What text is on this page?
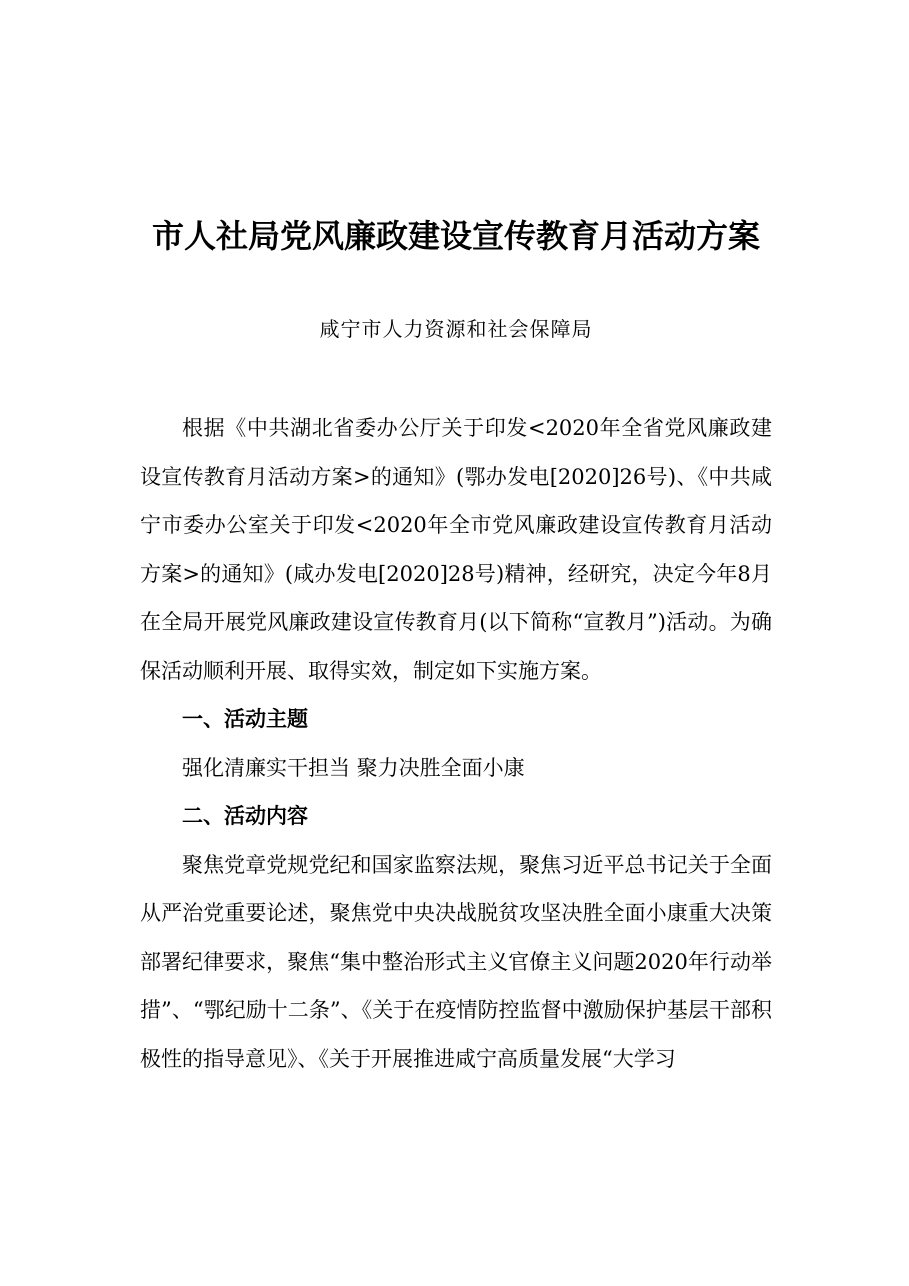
市人社局党风廉政建设宣传教育月活动方案

咸宁市人力资源和社会保障局

根据《中共湖北省委办公厅关于印发<2020年全省党风廉政建设宣传教育月活动方案>的通知》(鄂办发电[2020]26号)、《中共咸宁市委办公室关于印发<2020年全市党风廉政建设宣传教育月活动方案>的通知》(咸办发电[2020]28号)精神，经研究，决定今年8月在全局开展党风廉政建设宣传教育月(以下简称“宣教月”)活动。为确保活动顺利开展、取得实效，制定如下实施方案。

一、活动主题

强化清廉实干担当 聚力决胜全面小康

二、活动内容

聚焦党章党规党纪和国家监察法规，聚焦习近平总书记关于全面从严治党重要论述，聚焦党中央决战脱贫攻坚决胜全面小康重大决策部署纪律要求，聚焦“集中整治形式主义官僚主义问题2020年行动举措”、“鄂纪励十二条”、《关于在疫情防控监督中激励保护基层干部积极性的指导意见》、《关于开展推进咸宁高质量发展“大学习
